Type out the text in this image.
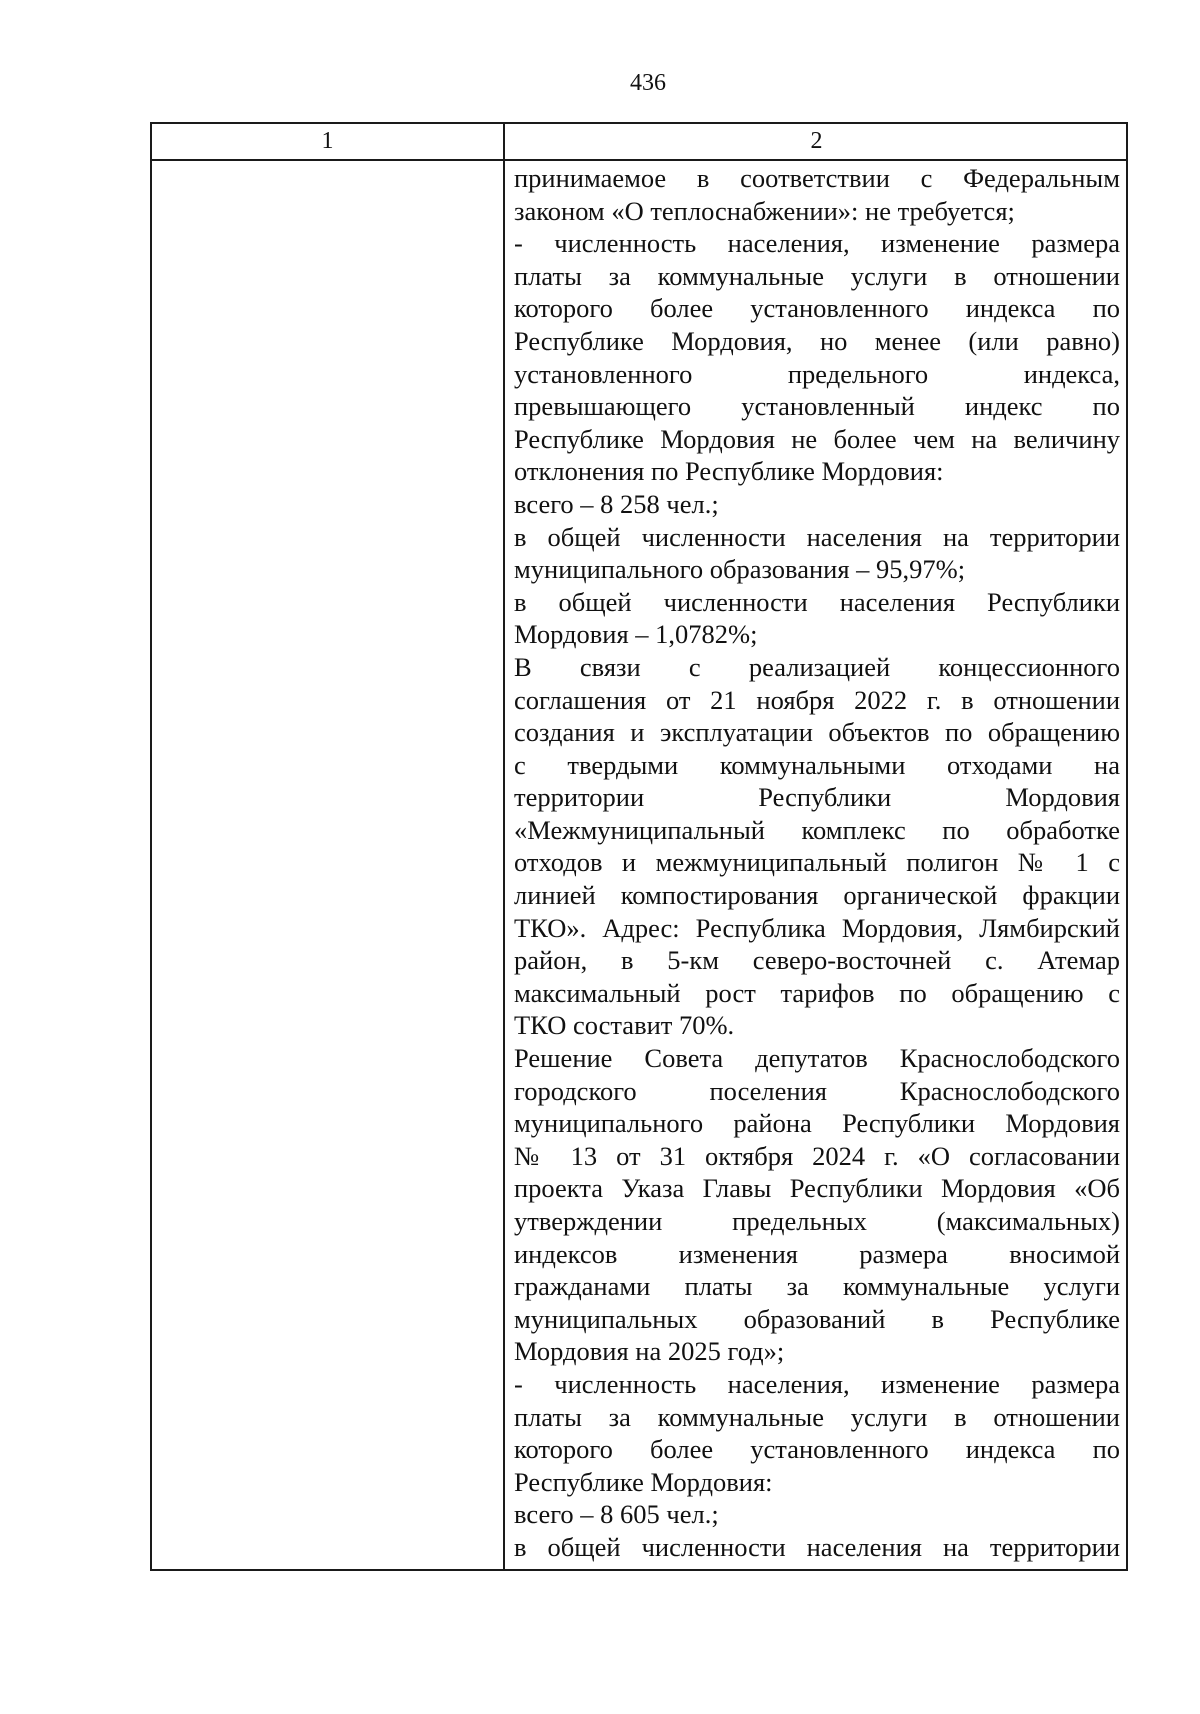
436
1	2
принимаемое в соответствии с Федеральным
законом «О теплоснабжении»: не требуется;
- численность населения, изменение размера
платы за коммунальные услуги в отношении
которого более установленного индекса по
Республике Мордовия, но менее (или равно)
установленного предельного индекса,
превышающего установленный индекс по
Республике Мордовия не более чем на величину
отклонения по Республике Мордовия:
всего – 8 258 чел.;
в общей численности населения на территории
муниципального образования – 95,97%;
в общей численности населения Республики
Мордовия – 1,0782%;
В связи с реализацией концессионного
соглашения от 21 ноября 2022 г. в отношении
создания и эксплуатации объектов по обращению
с твердыми коммунальными отходами на
территории Республики Мордовия
«Межмуниципальный комплекс по обработке
отходов и межмуниципальный полигон № 1 с
линией компостирования органической фракции
ТКО». Адрес: Республика Мордовия, Лямбирский
район, в 5-км северо-восточней с. Атемар
максимальный рост тарифов по обращению с
ТКО составит 70%.
Решение Совета депутатов Краснослободского
городского поселения Краснослободского
муниципального района Республики Мордовия
№ 13 от 31 октября 2024 г. «О согласовании
проекта Указа Главы Республики Мордовия «Об
утверждении предельных (максимальных)
индексов изменения размера вносимой
гражданами платы за коммунальные услуги
муниципальных образований в Республике
Мордовия на 2025 год»;
- численность населения, изменение размера
платы за коммунальные услуги в отношении
которого более установленного индекса по
Республике Мордовия:
всего – 8 605 чел.;
в общей численности населения на территории
